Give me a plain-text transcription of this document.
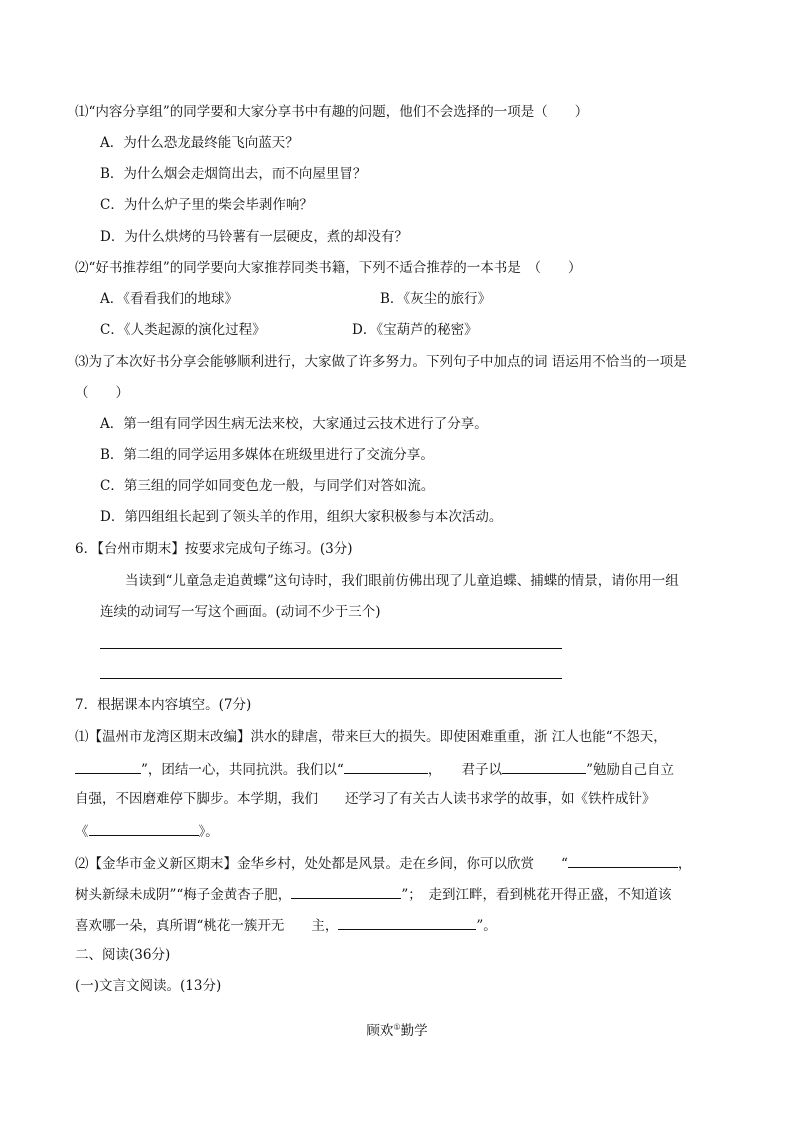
⑴“内容分享组”的同学要和大家分享书中有趣的问题，他们不会选择的一项是（　　）

A．为什么恐龙最终能飞向蓝天？

B．为什么烟会走烟筒出去，而不向屋里冒？

C．为什么炉子里的柴会毕剥作响？

D．为什么烘烤的马铃薯有一层硬皮，煮的却没有？

⑵“好书推荐组”的同学要向大家推荐同类书籍，下列不适合推荐的一本书是　（　　）

A．《看看我们的地球》	B．《灰尘的旅行》

C．《人类起源的演化过程》	D．《宝葫芦的秘密》

⑶为了本次好书分享会能够顺利进行，大家做了许多努力。下列句子中加点的词 语运用不恰当的一项是

（　　）

A．第一组有同学因生病无法来校，大家通过云技术进行了分享。

B．第二组的同学运用多媒体在班级里进行了交流分享。

C．第三组的同学如同变色龙一般，与同学们对答如流。

D．第四组组长起到了领头羊的作用，组织大家积极参与本次活动。

6．【台州市期末】按要求完成句子练习。(3分)

当读到“儿童急走追黄蝶”这句诗时，我们眼前仿佛出现了儿童追蝶、捕蝶的情景，请你用一组

连续的动词写一写这个画面。(动词不少于三个)

7．根据课本内容填空。(7分)

⑴【温州市龙湾区期末改编】洪水的肆虐，带来巨大的损失。即使困难重重，浙 江人也能“不怨天，

”，团结一心，共同抗洪。我们以“	，　　君子以	”勉励自己自立

自强，不因磨难停下脚步。本学期，我们　　还学习了有关古人读书求学的故事，如《铁杵成针》

《	》。

⑵【金华市金义新区期末】金华乡村，处处都是风景。走在乡间，你可以欣赏　　“	，

树头新绿未成阴”“梅子金黄杏子肥，	”；　走到江畔，看到桃花开得正盛，不知道该

喜欢哪一朵，真所谓“桃花一簇开无　　主，	”。

二、阅读(36分)

(一)文言文阅读。(13分)

顾欢①勤学
